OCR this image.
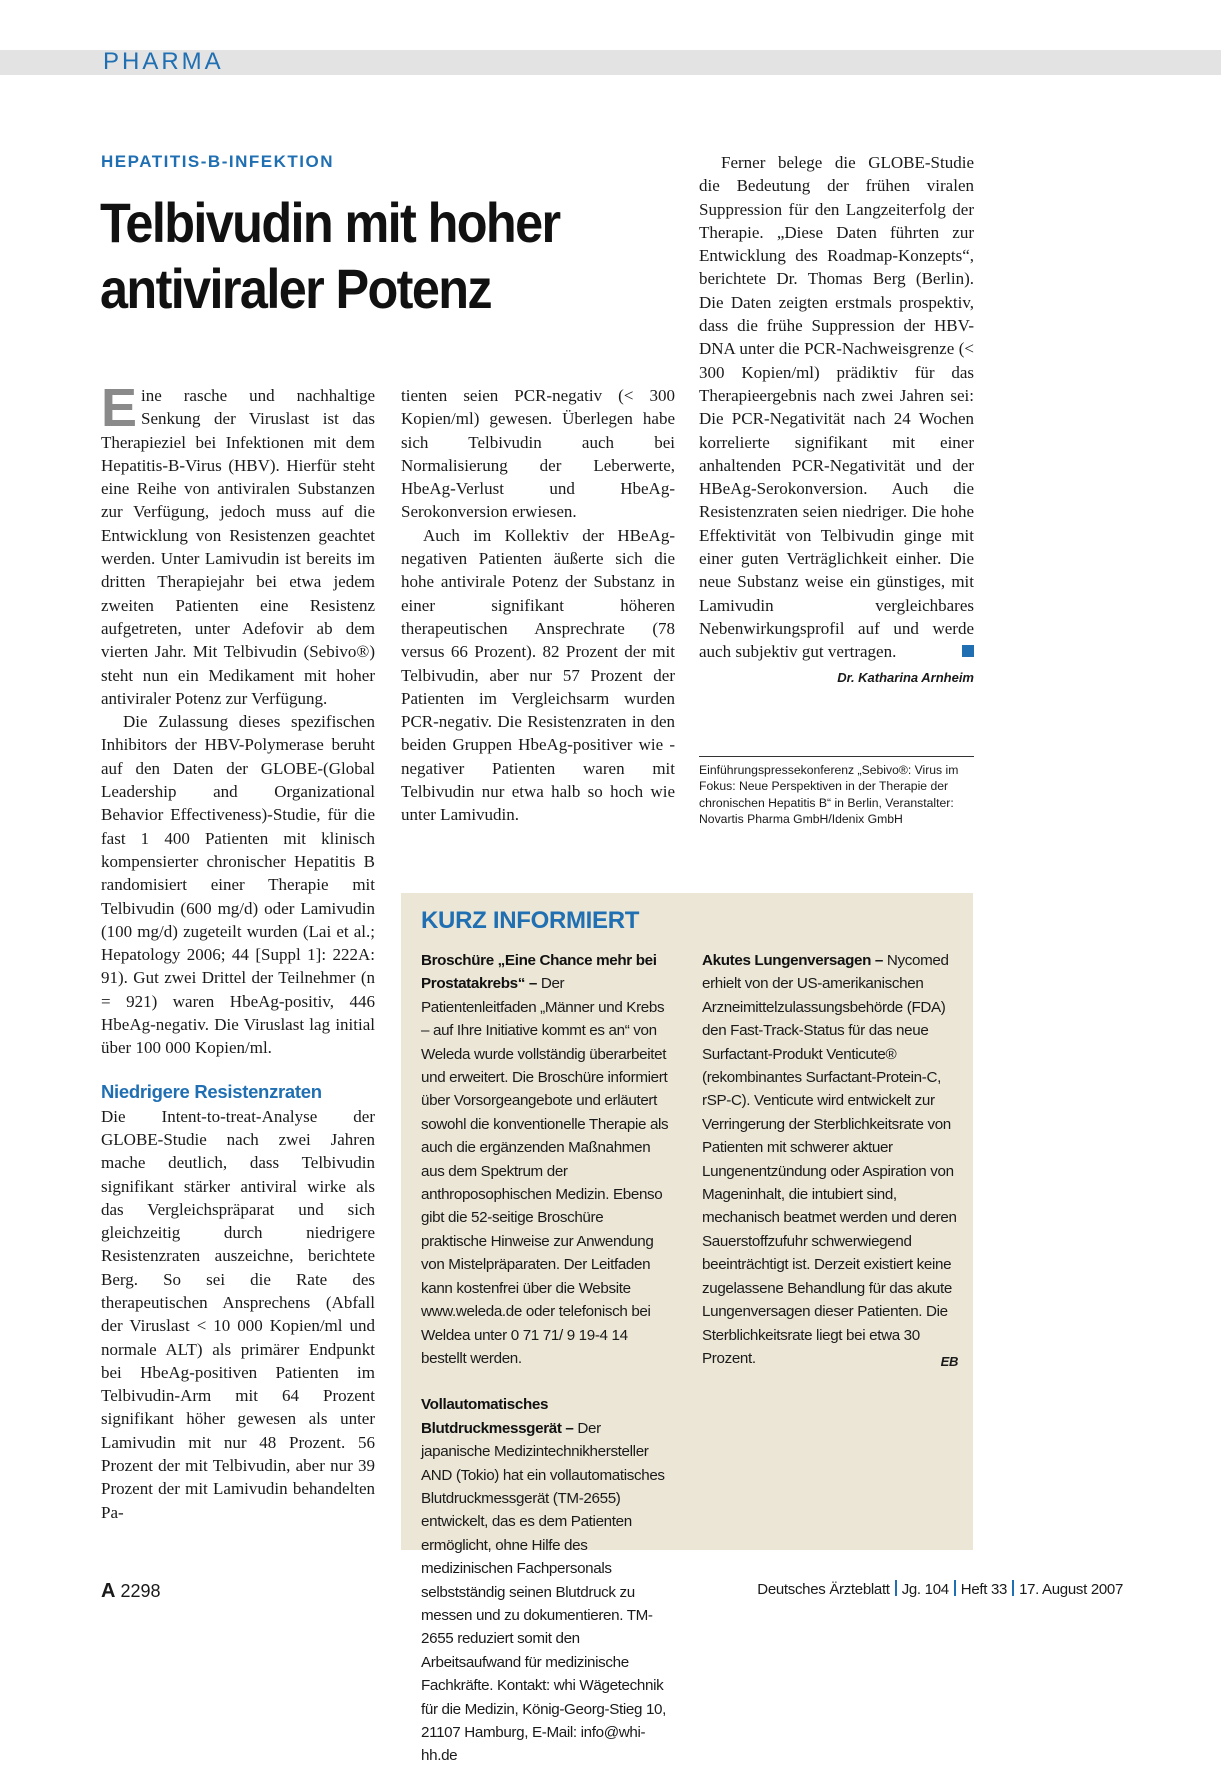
PHARMA
HEPATITIS-B-INFEKTION
Telbivudin mit hoher antiviraler Potenz

Eine rasche und nachhaltige Senkung der Viruslast ist das Therapieziel bei Infektionen mit dem Hepatitis-B-Virus (HBV). Hierfür steht eine Reihe von antiviralen Substanzen zur Verfügung, jedoch muss auf die Entwicklung von Resistenzen geachtet werden. Unter Lamivudin ist bereits im dritten Therapiejahr bei etwa jedem zweiten Patienten eine Resistenz aufgetreten, unter Adefovir ab dem vierten Jahr. Mit Telbivudin (Sebivo®) steht nun ein Medikament mit hoher antiviraler Potenz zur Verfügung.

Die Zulassung dieses spezifischen Inhibitors der HBV-Polymerase beruht auf den Daten der GLOBE-(Global Leadership and Organizational Behavior Effectiveness)-Studie, für die fast 1 400 Patienten mit klinisch kompensierter chronischer Hepatitis B randomisiert einer Therapie mit Telbivudin (600 mg/d) oder Lamivudin (100 mg/d) zugeteilt wurden (Lai et al.; Hepatology 2006; 44 [Suppl 1]: 222A: 91). Gut zwei Drittel der Teilnehmer (n = 921) waren HbeAg-positiv, 446 HbeAg-negativ. Die Viruslast lag initial über 100 000 Kopien/ml.

Niedrigere Resistenzraten

Die Intent-to-treat-Analyse der GLOBE-Studie nach zwei Jahren mache deutlich, dass Telbivudin signifikant stärker antiviral wirke als das Vergleichspräparat und sich gleichzeitig durch niedrigere Resistenzraten auszeichne, berichtete Berg. So sei die Rate des therapeutischen Ansprechens (Abfall der Viruslast < 10 000 Kopien/ml und normale ALT) als primärer Endpunkt bei HbeAg-positiven Patienten im Telbivudin-Arm mit 64 Prozent signifikant höher gewesen als unter Lamivudin mit nur 48 Prozent. 56 Prozent der mit Telbivudin, aber nur 39 Prozent der mit Lamivudin behandelten Pa-

tienten seien PCR-negativ (< 300 Kopien/ml) gewesen. Überlegen habe sich Telbivudin auch bei Normalisierung der Leberwerte, HbeAg-Verlust und HbeAg-Serokonversion erwiesen.

Auch im Kollektiv der HBeAg-negativen Patienten äußerte sich die hohe antivirale Potenz der Substanz in einer signifikant höheren therapeutischen Ansprechrate (78 versus 66 Prozent). 82 Prozent der mit Telbivudin, aber nur 57 Prozent der Patienten im Vergleichsarm wurden PCR-negativ. Die Resistenzraten in den beiden Gruppen HbeAg-positiver wie -negativer Patienten waren mit Telbivudin nur etwa halb so hoch wie unter Lamivudin.

Ferner belege die GLOBE-Studie die Bedeutung der frühen viralen Suppression für den Langzeiterfolg der Therapie. „Diese Daten führten zur Entwicklung des Roadmap-Konzepts“, berichtete Dr. Thomas Berg (Berlin). Die Daten zeigten erstmals prospektiv, dass die frühe Suppression der HBV-DNA unter die PCR-Nachweisgrenze (< 300 Kopien/ml) prädiktiv für das Therapieergebnis nach zwei Jahren sei: Die PCR-Negativität nach 24 Wochen korrelierte signifikant mit einer anhaltenden PCR-Negativität und der HBeAg-Serokonversion. Auch die Resistenzraten seien niedriger. Die hohe Effektivität von Telbivudin ginge mit einer guten Verträglichkeit einher. Die neue Substanz weise ein günstiges, mit Lamivudin vergleichbares Nebenwirkungsprofil auf und werde auch subjektiv gut vertragen.

Dr. Katharina Arnheim

Einführungspressekonferenz „Sebivo®: Virus im Fokus: Neue Perspektiven in der Therapie der chronischen Hepatitis B“ in Berlin, Veranstalter: Novartis Pharma GmbH/Idenix GmbH

KURZ INFORMIERT

Broschüre „Eine Chance mehr bei Prostatakrebs“ – Der Patientenleitfaden „Männer und Krebs – auf Ihre Initiative kommt es an“ von Weleda wurde vollständig überarbeitet und erweitert. Die Broschüre informiert über Vorsorgeangebote und erläutert sowohl die konventionelle Therapie als auch die ergänzenden Maßnahmen aus dem Spektrum der anthroposophischen Medizin. Ebenso gibt die 52-seitige Broschüre praktische Hinweise zur Anwendung von Mistelpräparaten. Der Leitfaden kann kostenfrei über die Website www.weleda.de oder telefonisch bei Weldea unter 0 71 71/ 9 19-4 14 bestellt werden.

Vollautomatisches Blutdruckmessgerät – Der japanische Medizintechnikhersteller AND (Tokio) hat ein vollautomatisches Blutdruckmessgerät (TM-2655) entwickelt, das es dem Patienten ermöglicht, ohne Hilfe des medizinischen Fachpersonals selbstständig seinen Blutdruck zu messen und zu dokumentieren. TM-2655 reduziert somit den Arbeitsaufwand für medizinische Fachkräfte. Kontakt: whi Wägetechnik für die Medizin, König-Georg-Stieg 10, 21107 Hamburg, E-Mail: info@whi-hh.de

Akutes Lungenversagen – Nycomed erhielt von der US-amerikanischen Arzneimittelzulassungsbehörde (FDA) den Fast-Track-Status für das neue Surfactant-Produkt Venticute® (rekombinantes Surfactant-Protein-C, rSP-C). Venticute wird entwickelt zur Verringerung der Sterblichkeitsrate von Patienten mit schwerer aktuer Lungenentzündung oder Aspiration von Mageninhalt, die intubiert sind, mechanisch beatmet werden und deren Sauerstoffzufuhr schwerwiegend beeinträchtigt ist. Derzeit existiert keine zugelassene Behandlung für das akute Lungenversagen dieser Patienten. Die Sterblichkeitsrate liegt bei etwa 30 Prozent.	EB

A 2298	Deutsches Ärzteblatt Jg. 104 Heft 33 17. August 2007
